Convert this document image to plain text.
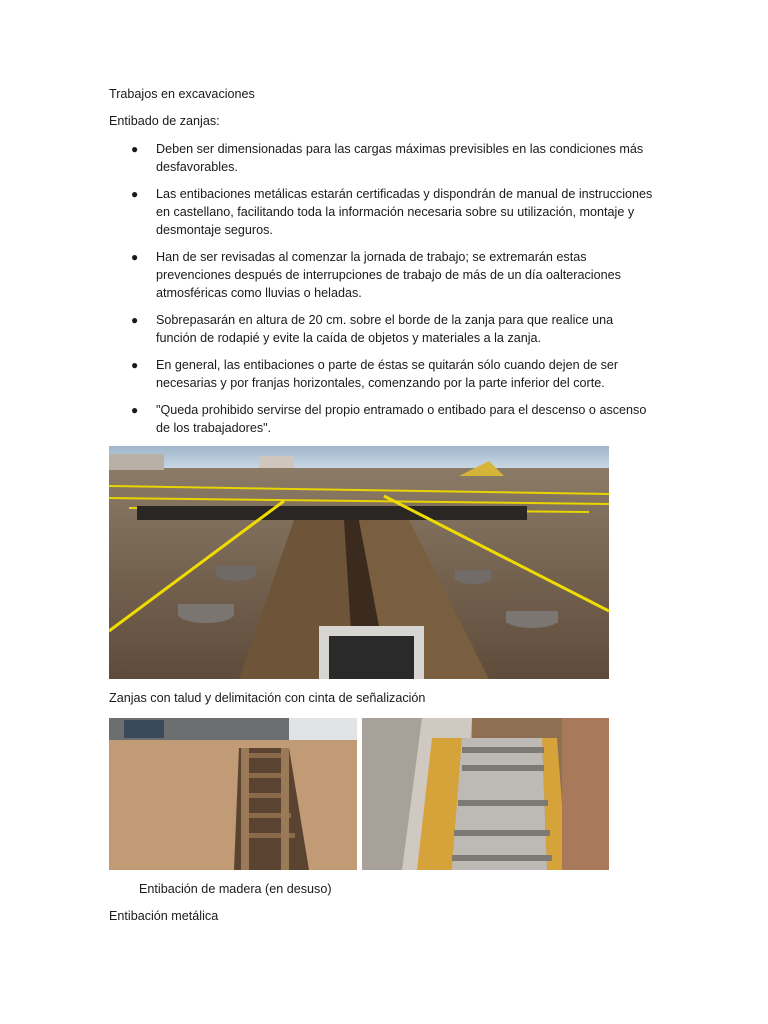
Trabajos en excavaciones
Entibado de zanjas:
● Deben ser dimensionadas para las cargas máximas previsibles en las condiciones más desfavorables.
● Las entibaciones metálicas estarán certificadas y dispondrán de manual de instrucciones en castellano, facilitando toda la información necesaria sobre su utilización, montaje y desmontaje seguros.
● Han de ser revisadas al comenzar la jornada de trabajo; se extremarán estas prevenciones después de interrupciones de trabajo de más de un día oalteraciones atmosféricas como lluvias o heladas.
● Sobrepasarán en altura de 20 cm. sobre el borde de la zanja para que realice una función de rodapié y evite la caída de objetos y materiales a la zanja.
● En general, las entibaciones o parte de éstas se quitarán sólo cuando dejen de ser necesarias y por franjas horizontales, comenzando por la parte inferior del corte.
● "Queda prohibido servirse del propio entramado o entibado para el descenso o ascenso de los trabajadores".
Zanjas con talud y delimitación con cinta de señalización
Entibación de madera (en desuso)
Entibación metálica
